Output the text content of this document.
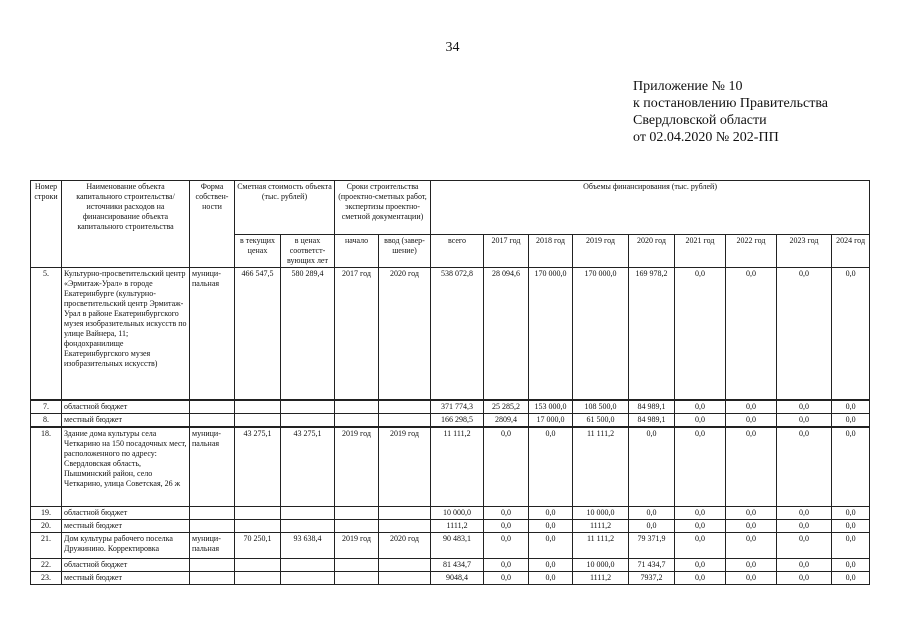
34
Приложение № 10
к постановлению Правительства
Свердловской области
от 02.04.2020 № 202-ПП
Номер строки	Наименование объекта капитального строительства/ источники расходов на финансирование объекта капитального строительства	Форма собствен-ности	Сметная стоимость объекта (тыс. рублей)		Сроки строительства (проектно-сметных работ, экспертизы проектно-сметной документации)		Объемы финансирования (тыс. рублей)								
			в текущих ценах	в ценах соответст-вующих лет	начало	ввод (завер-шение)	всего	2017 год	2018 год	2019 год	2020 год	2021 год	2022 год	2023 год	2024 год
5.	Культурно-просветительский центр «Эрмитаж-Урал» в городе Екатеринбурге (культурно-просветительский центр Эрмитаж-Урал в районе Екатеринбургского музея изобразительных искусств по улице Вайнера, 11; фондохранилище Екатеринбургского музея изобразительных искусств)	муници-пальная	466 547,5	580 289,4	2017 год	2020 год	538 072,8	28 094,6	170 000,0	170 000,0	169 978,2	0,0	0,0	0,0	0,0
7.	областной бюджет						371 774,3	25 285,2	153 000,0	108 500,0	84 989,1	0,0	0,0	0,0	0,0
8.	местный бюджет						166 298,5	2809,4	17 000,0	61 500,0	84 989,1	0,0	0,0	0,0	0,0
18.	Здание дома культуры села Четкарино на 150 посадочных мест, расположенного по адресу: Свердловская область, Пышминский район, село Четкарино, улица Советская, 26 ж	муници-пальная	43 275,1	43 275,1	2019 год	2019 год	11 111,2	0,0	0,0	11 111,2	0,0	0,0	0,0	0,0	0,0
19.	областной бюджет						10 000,0	0,0	0,0	10 000,0	0,0	0,0	0,0	0,0	0,0
20.	местный бюджет						1111,2	0,0	0,0	1111,2	0,0	0,0	0,0	0,0	0,0
21.	Дом культуры рабочего поселка Дружинино. Корректировка	муници-пальная	70 250,1	93 638,4	2019 год	2020 год	90 483,1	0,0	0,0	11 111,2	79 371,9	0,0	0,0	0,0	0,0
22.	областной бюджет						81 434,7	0,0	0,0	10 000,0	71 434,7	0,0	0,0	0,0	0,0
23.	местный бюджет						9048,4	0,0	0,0	1111,2	7937,2	0,0	0,0	0,0	0,0
